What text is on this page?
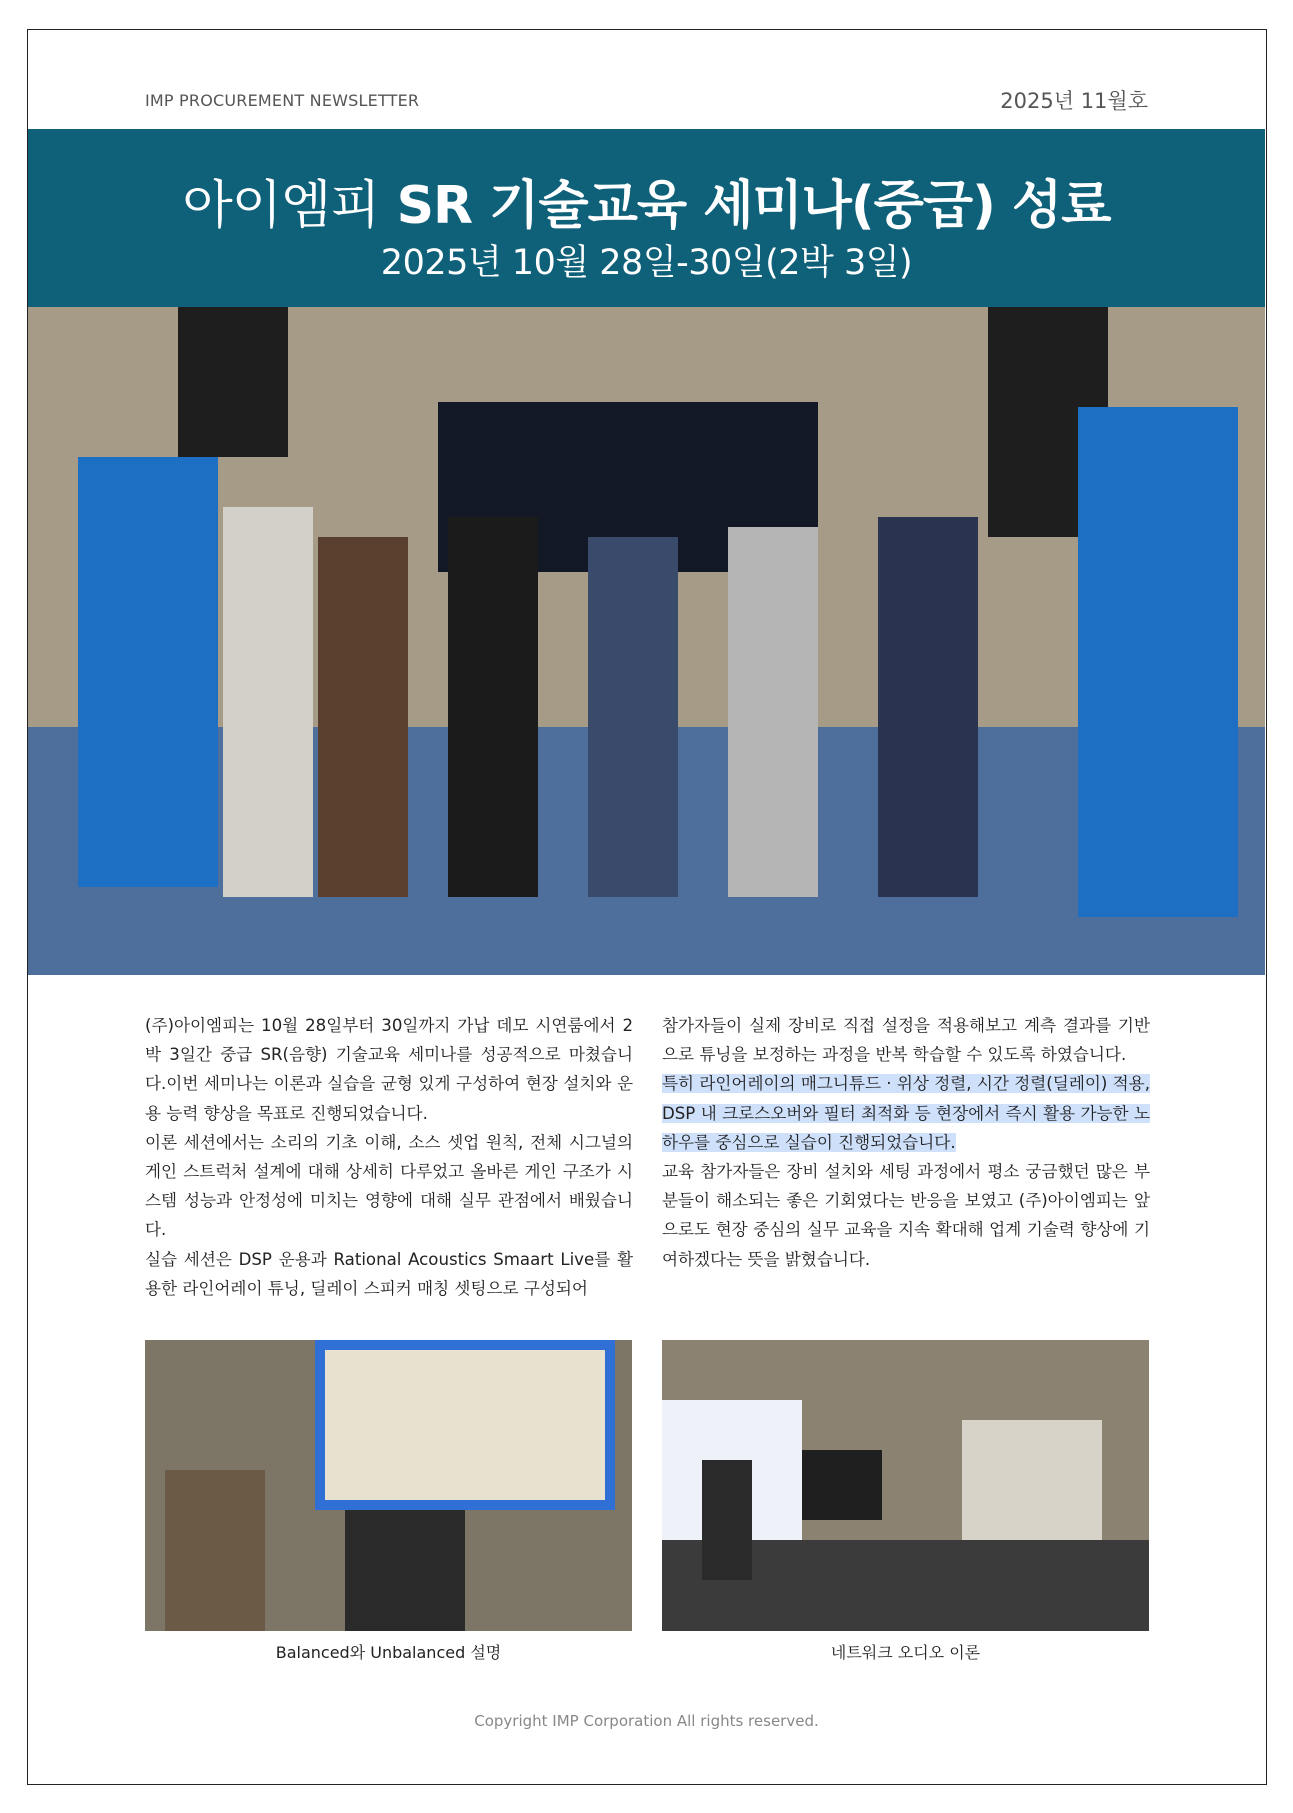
IMP PROCUREMENT NEWSLETTER	2025년 11월호
아이엠피 SR 기술교육 세미나(중급) 성료
2025년 10월 28일-30일(2박 3일)

(주)아이엠피는 10월 28일부터 30일까지 가납 데모 시연룸에서 2박 3일간 중급 SR(음향) 기술교육 세미나를 성공적으로 마쳤습니다.이번 세미나는 이론과 실습을 균형 있게 구성하여 현장 설치와 운용 능력 향상을 목표로 진행되었습니다.

이론 세션에서는 소리의 기초 이해, 소스 셋업 원칙, 전체 시그널의 게인 스트럭처 설계에 대해 상세히 다루었고 올바른 게인 구조가 시스템 성능과 안정성에 미치는 영향에 대해 실무 관점에서 배웠습니다.

실습 세션은 DSP 운용과 Rational Acoustics Smaart Live를 활용한 라인어레이 튜닝, 딜레이 스피커 매칭 셋팅으로 구성되어

참가자들이 실제 장비로 직접 설정을 적용해보고 계측 결과를 기반으로 튜닝을 보정하는 과정을 반복 학습할 수 있도록 하였습니다.

특히 라인어레이의 매그니튜드 · 위상 정렬, 시간 정렬(딜레이) 적용, DSP 내 크로스오버와 필터 최적화 등 현장에서 즉시 활용 가능한 노하우를 중심으로 실습이 진행되었습니다.

교육 참가자들은 장비 설치와 세팅 과정에서 평소 궁금했던 많은 부분들이 해소되는 좋은 기회였다는 반응을 보였고 (주)아이엠피는 앞으로도 현장 중심의 실무 교육을 지속 확대해 업계 기술력 향상에 기여하겠다는 뜻을 밝혔습니다.

Balanced와 Unbalanced 설명	네트워크 오디오 이론
Copyright IMP Corporation All rights reserved.
